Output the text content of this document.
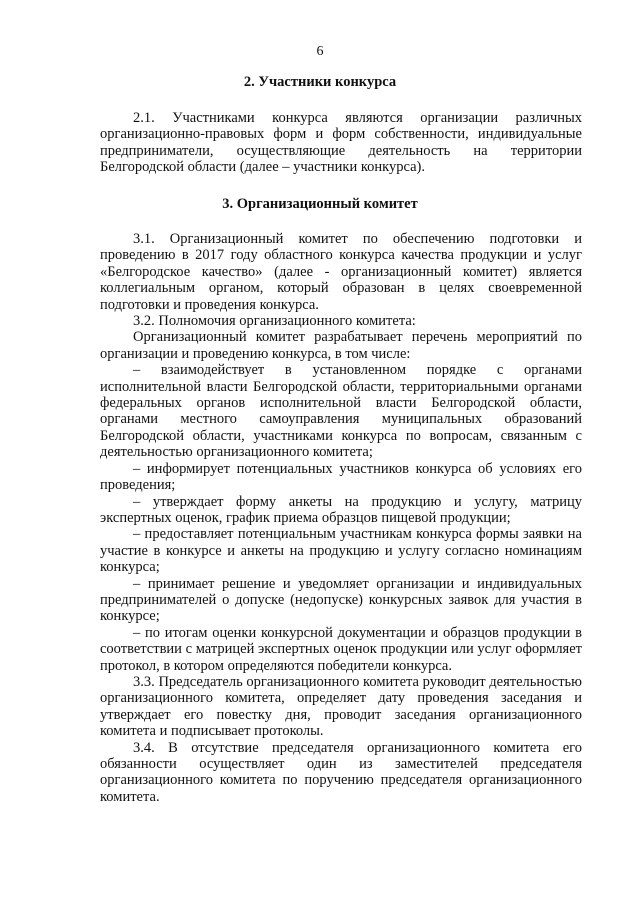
6
2. Участники конкурса

2.1. Участниками конкурса являются организации различных организационно-правовых форм и форм собственности, индивидуальные предприниматели, осуществляющие деятельность на территории Белгородской области (далее – участники конкурса).

3. Организационный комитет

3.1. Организационный комитет по обеспечению подготовки и проведению в 2017 году областного конкурса качества продукции и услуг «Белгородское качество» (далее - организационный комитет) является коллегиальным органом, который образован в целях своевременной подготовки и проведения конкурса.

3.2. Полномочия организационного комитета:

Организационный комитет разрабатывает перечень мероприятий по организации и проведению конкурса, в том числе:

– взаимодействует в установленном порядке с органами исполнительной власти Белгородской области, территориальными органами федеральных органов исполнительной власти Белгородской области, органами местного самоуправления муниципальных образований Белгородской области, участниками конкурса по вопросам, связанным с деятельностью организационного комитета;

– информирует потенциальных участников конкурса об условиях его проведения;

– утверждает форму анкеты на продукцию и услугу, матрицу экспертных оценок, график приема образцов пищевой продукции;

– предоставляет потенциальным участникам конкурса формы заявки на участие в конкурсе и анкеты на продукцию и услугу согласно номинациям конкурса;

– принимает решение и уведомляет организации и индивидуальных предпринимателей о допуске (недопуске) конкурсных заявок для участия в конкурсе;

– по итогам оценки конкурсной документации и образцов продукции в соответствии с матрицей экспертных оценок продукции или услуг оформляет протокол, в котором определяются победители конкурса.

3.3. Председатель организационного комитета руководит деятельностью организационного комитета, определяет дату проведения заседания и утверждает его повестку дня, проводит заседания организационного комитета и подписывает протоколы.

3.4. В отсутствие председателя организационного комитета его обязанности осуществляет один из заместителей председателя организационного комитета по поручению председателя организационного комитета.
